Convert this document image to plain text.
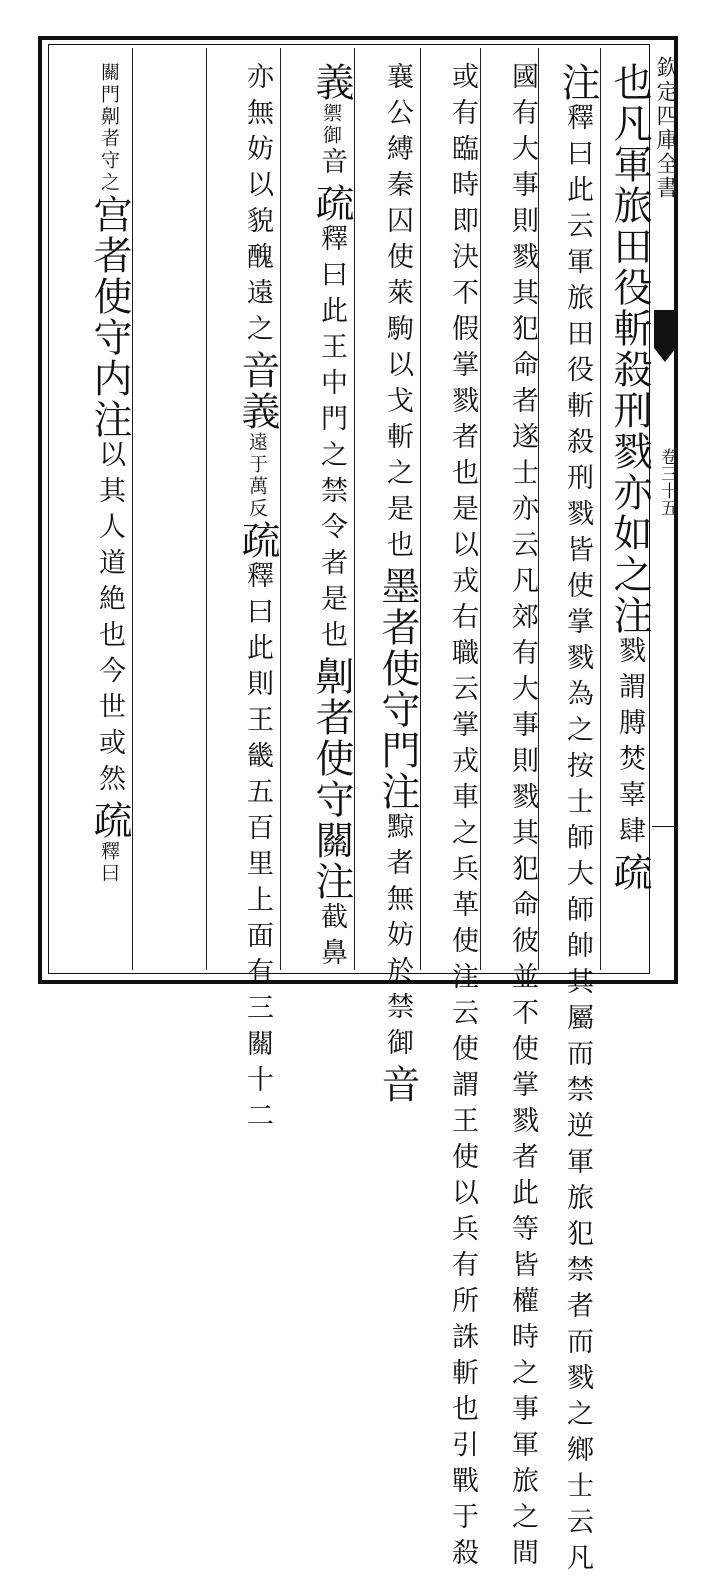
也凡軍旅田役斬殺刑戮亦如之注戮謂膊焚辜肆疏
注釋曰此云軍旅田役斬殺刑戮皆使掌戮為之按士師大師帥其屬而禁逆軍旅犯禁者而戮之鄉士云凡
國有大事則戮其犯命者遂士亦云凡郊有大事則戮其犯命彼並不使掌戮者此等皆權時之事軍旅之間
或有臨時即決不假掌戮者也是以戎右職云掌戎車之兵革使注云使謂王使以兵有所誅斬也引戰于殺
襄公縛秦囚使萊駒以戈斬之是也墨者使守門注黥者無妨於禁御音
義禦御音疏釋曰此王中門之禁令者是也劓者使守關注截鼻
亦無妨以貌醜遠之音義遠于萬反疏釋曰此則王畿五百里上面有三關十二
關門劓者守之宫者使守内注以其人道絶也今世或然疏釋曰
欽定四庫全書
卷三十五
